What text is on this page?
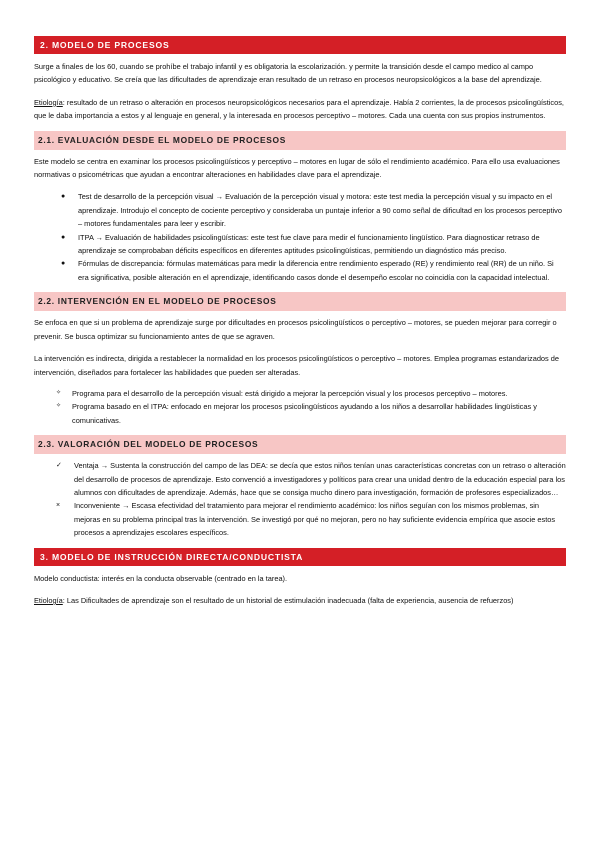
2. MODELO DE PROCESOS

Surge a finales de los 60, cuando se prohíbe el trabajo infantil y es obligatoria la escolarización. y permite la transición desde el campo medico al campo psicológico y educativo. Se creía que las dificultades de aprendizaje eran resultado de un retraso en procesos neuropsicológicos a la base del aprendizaje.

Etiología: resultado de un retraso o alteración en procesos neuropsicológicos necesarios para el aprendizaje. Había 2 corrientes, la de procesos psicolingüísticos, que le daba importancia a estos y al lenguaje en general, y la interesada en procesos perceptivo – motores. Cada una cuenta con sus propios instrumentos.

2.1. EVALUACIÓN DESDE EL MODELO DE PROCESOS

Este modelo se centra en examinar los procesos psicolingüísticos y perceptivo – motores en lugar de sólo el rendimiento académico. Para ello usa evaluaciones normativas o psicométricas que ayudan a encontrar alteraciones en habilidades clave para el aprendizaje.

● Test de desarrollo de la percepción visual → Evaluación de la percepción visual y motora: este test media la percepción visual y su impacto en el aprendizaje. Introdujo el concepto de cociente perceptivo y consideraba un puntaje inferior a 90 como señal de dificultad en los procesos perceptivo – motores fundamentales para leer y escribir.
● ITPA → Evaluación de habilidades psicolingüísticas: este test fue clave para medir el funcionamiento lingüístico. Para diagnosticar retraso de aprendizaje se comprobaban déficits específicos en diferentes aptitudes psicolingüísticas, permitiendo un diagnóstico más preciso.
● Fórmulas de discrepancia: fórmulas matemáticas para medir la diferencia entre rendimiento esperado (RE) y rendimiento real (RR) de un niño. Si era significativa, posible alteración en el aprendizaje, identificando casos donde el desempeño escolar no coincidía con la capacidad intelectual.
2.2. INTERVENCIÓN EN EL MODELO DE PROCESOS

Se enfoca en que si un problema de aprendizaje surge por dificultades en procesos psicolingüísticos o perceptivo – motores, se pueden mejorar para corregir o prevenir. Se busca optimizar su funcionamiento antes de que se agraven.

La intervención es indirecta, dirigida a restablecer la normalidad en los procesos psicolingüísticos o perceptivo – motores. Emplea programas estandarizados de intervención, diseñados para fortalecer las habilidades que pueden ser alteradas.

✧ Programa para el desarrollo de la percepción visual: está dirigido a mejorar la percepción visual y los procesos perceptivo – motores.
✧ Programa basado en el ITPA: enfocado en mejorar los procesos psicolingüísticos ayudando a los niños a desarrollar habilidades lingüísticas y comunicativas.
2.3. VALORACIÓN DEL MODELO DE PROCESOS
✓ Ventaja → Sustenta la construcción del campo de las DEA: se decía que estos niños tenían unas características concretas con un retraso o alteración del desarrollo de procesos de aprendizaje. Esto convenció a investigadores y políticos para crear una unidad dentro de la educación especial para los alumnos con dificultades de aprendizaje. Además, hace que se consiga mucho dinero para investigación, formación de profesores especializados…
× Inconveniente → Escasa efectividad del tratamiento para mejorar el rendimiento académico: los niños seguían con los mismos problemas, sin mejoras en su problema principal tras la intervención. Se investigó por qué no mejoran, pero no hay suficiente evidencia empírica que asocie estos procesos a aprendizajes escolares específicos.
3. MODELO DE INSTRUCCIÓN DIRECTA/CONDUCTISTA

Modelo conductista: interés en la conducta observable (centrado en la tarea).

Etiología: Las Dificultades de aprendizaje son el resultado de un historial de estimulación inadecuada (falta de experiencia, ausencia de refuerzos)
